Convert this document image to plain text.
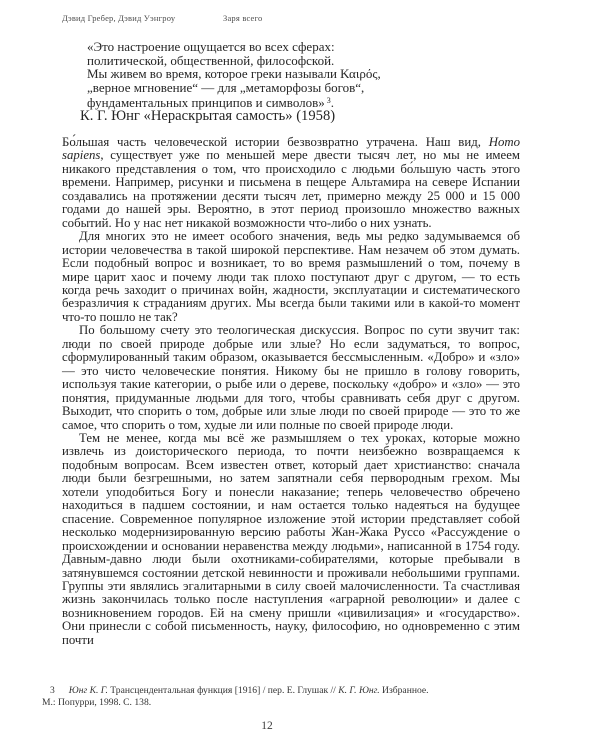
Дэвид Гребер, Дэвид Уэнгроу	Заря всего
«Это настроение ощущается во всех сферах:
политической, общественной, философской.
Мы живем во время, которое греки называли Καιρός,
„верное мгновение“ — для „метаморфозы богов“,
фундаментальных принципов и символов» $^3$.
К. Г. Юнг «Нераскрытая самость» (1958)

Бо́льшая часть человеческой истории безвозвратно утрачена. Наш вид, Homo sapiens, существует уже по меньшей мере двести тысяч лет, но мы не имеем никакого представления о том, что происходило с людьми бо́льшую часть этого времени. Например, рисунки и письмена в пещере Альтамира на севере Испании создавались на протяжении десяти тысяч лет, примерно между 25 000 и 15 000 годами до нашей эры. Вероятно, в этот период произошло множество важных событий. Но у нас нет никакой возможности что-либо о них узнать.

Для многих это не имеет особого значения, ведь мы редко задумываемся об истории человечества в такой широкой перспективе. Нам незачем об этом думать. Если подобный вопрос и возникает, то во время размышлений о том, почему в мире царит хаос и почему люди так плохо поступают друг с другом, — то есть когда речь заходит о причинах войн, жадности, эксплуатации и систематического безразличия к страданиям других. Мы всегда были такими или в какой-то момент что-то пошло не так?

По большому счету это теологическая дискуссия. Вопрос по сути звучит так: люди по своей природе добрые или злые? Но если задуматься, то вопрос, сформулированный таким образом, оказывается бессмысленным. «Добро» и «зло» — это чисто человеческие понятия. Никому бы не пришло в голову говорить, используя такие категории, о рыбе или о дереве, поскольку «добро» и «зло» — это понятия, придуманные людьми для того, чтобы сравнивать себя друг с другом. Выходит, что спорить о том, добрые или злые люди по своей природе — это то же самое, что спорить о том, худые ли или полные по своей природе люди.

Тем не менее, когда мы всё же размышляем о тех уроках, которые можно извлечь из доисторического периода, то почти неизбежно возвращаемся к подобным вопросам. Всем известен ответ, который дает христианство: сначала люди были безгрешными, но затем запятнали себя первородным грехом. Мы хотели уподобиться Богу и понесли наказание; теперь человечество обречено находиться в падшем состоянии, и нам остается только надеяться на будущее спасение. Современное популярное изложение этой истории представляет собой несколько модернизированную версию работы Жан-Жака Руссо «Рассуждение о происхождении и основании неравенства между людьми», написанной в 1754 году. Давным-давно люди были охотниками-собирателями, которые пребывали в затянувшемся состоянии детской невинности и проживали небольшими группами. Группы эти являлись эгалитарными в силу своей малочисленности. Та счастливая жизнь закончилась только после наступления «аграрной революции» и далее с возникновением городов. Ей на смену пришли «цивилизация» и «государство». Они принесли с собой письменность, науку, философию, но одновременно с этим почти

3 Юнг К. Г. Трансцендентальная функция [1916] / пер. Е. Глушак // К. Г. Юнг. Избранное.
М.: Попурри, 1998. С. 138.
12
